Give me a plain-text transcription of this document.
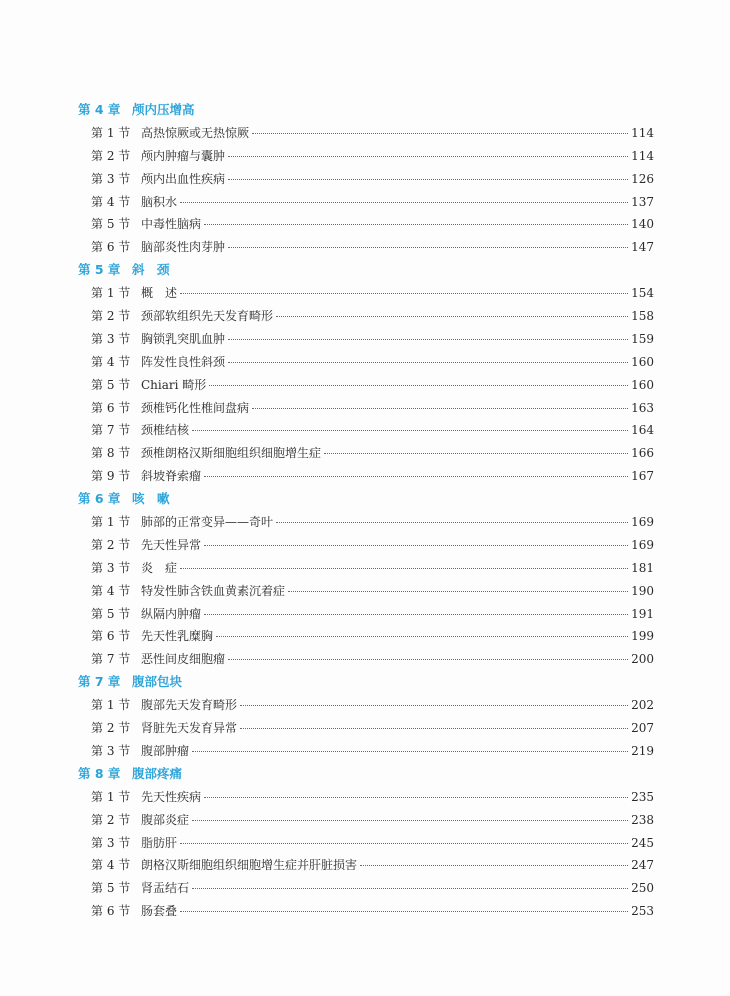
第 4 章 颅内压增高
第 1 节 高热惊厥或无热惊厥	114
第 2 节 颅内肿瘤与囊肿	114
第 3 节 颅内出血性疾病	126
第 4 节 脑积水	137
第 5 节 中毒性脑病	140
第 6 节 脑部炎性肉芽肿	147
第 5 章 斜　颈
第 1 节 概　述	154
第 2 节 颈部软组织先天发育畸形	158
第 3 节 胸锁乳突肌血肿	159
第 4 节 阵发性良性斜颈	160
第 5 节 Chiari 畸形	160
第 6 节 颈椎钙化性椎间盘病	163
第 7 节 颈椎结核	164
第 8 节 颈椎朗格汉斯细胞组织细胞增生症	166
第 9 节 斜坡脊索瘤	167
第 6 章 咳　嗽
第 1 节 肺部的正常变异——奇叶	169
第 2 节 先天性异常	169
第 3 节 炎　症	181
第 4 节 特发性肺含铁血黄素沉着症	190
第 5 节 纵隔内肿瘤	191
第 6 节 先天性乳糜胸	199
第 7 节 恶性间皮细胞瘤	200
第 7 章 腹部包块
第 1 节 腹部先天发育畸形	202
第 2 节 肾脏先天发育异常	207
第 3 节 腹部肿瘤	219
第 8 章 腹部疼痛
第 1 节 先天性疾病	235
第 2 节 腹部炎症	238
第 3 节 脂肪肝	245
第 4 节 朗格汉斯细胞组织细胞增生症并肝脏损害	247
第 5 节 肾盂结石	250
第 6 节 肠套叠	253
